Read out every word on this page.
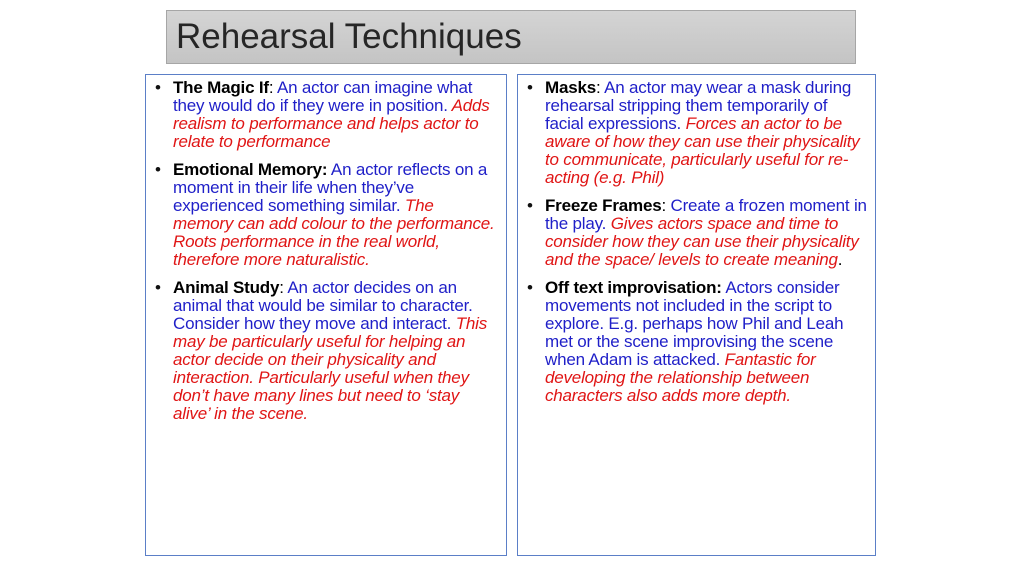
Rehearsal Techniques
• The Magic If: An actor can imagine what they would do if they were in position. Adds realism to performance and helps actor to relate to performance
• Emotional Memory: An actor reflects on a moment in their life when they’ve experienced something similar. The memory can add colour to the performance. Roots performance in the real world, therefore more naturalistic.
• Animal Study: An actor decides on an animal that would be similar to character. Consider how they move and interact. This may be particularly useful for helping an actor decide on their physicality and interaction. Particularly useful when they don’t have many lines but need to ‘stay alive’ in the scene.
• Masks: An actor may wear a mask during rehearsal stripping them temporarily of facial expressions. Forces an actor to be aware of how they can use their physicality to communicate, particularly useful for re-acting (e.g. Phil)
• Freeze Frames: Create a frozen moment in the play. Gives actors space and time to consider how they can use their physicality and the space/ levels to create meaning.
• Off text improvisation: Actors consider movements not included in the script to explore. E.g. perhaps how Phil and Leah met or the scene improvising the scene when Adam is attacked. Fantastic for developing the relationship between characters also adds more depth.
